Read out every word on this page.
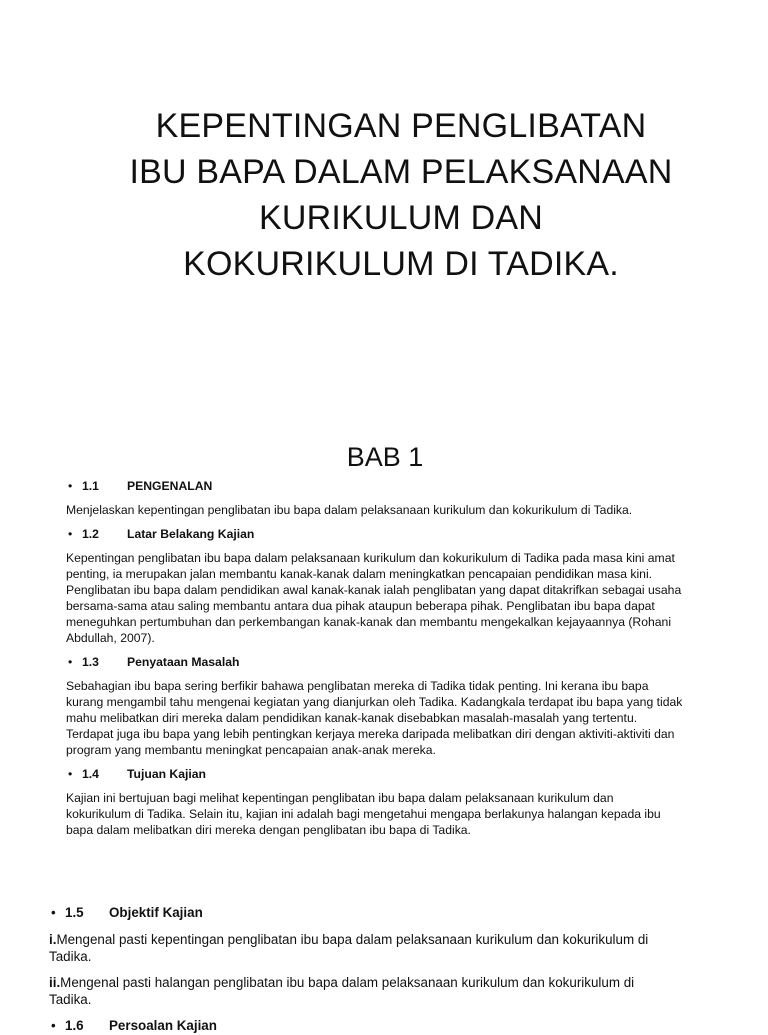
KEPENTINGAN PENGLIBATAN
IBU BAPA DALAM PELAKSANAAN
KURIKULUM DAN
KOKURIKULUM DI TADIKA.
BAB 1
• 1.1 PENGENALAN
Menjelaskan kepentingan penglibatan ibu bapa dalam pelaksanaan kurikulum dan kokurikulum di Tadika.
• 1.2 Latar Belakang Kajian
Kepentingan penglibatan ibu bapa dalam pelaksanaan kurikulum dan kokurikulum di Tadika pada masa kini amat
penting, ia merupakan jalan membantu kanak-kanak dalam meningkatkan pencapaian pendidikan masa kini.
Penglibatan ibu bapa dalam pendidikan awal kanak-kanak ialah penglibatan yang dapat ditakrifkan sebagai usaha
bersama-sama atau saling membantu antara dua pihak ataupun beberapa pihak. Penglibatan ibu bapa dapat
meneguhkan pertumbuhan dan perkembangan kanak-kanak dan membantu mengekalkan kejayaannya (Rohani
Abdullah, 2007).
• 1.3 Penyataan Masalah
Sebahagian ibu bapa sering berfikir bahawa penglibatan mereka di Tadika tidak penting. Ini kerana ibu bapa
kurang mengambil tahu mengenai kegiatan yang dianjurkan oleh Tadika. Kadangkala terdapat ibu bapa yang tidak
mahu melibatkan diri mereka dalam pendidikan kanak-kanak disebabkan masalah-masalah yang tertentu.
Terdapat juga ibu bapa yang lebih pentingkan kerjaya mereka daripada melibatkan diri dengan aktiviti-aktiviti dan
program yang membantu meningkat pencapaian anak-anak mereka.
• 1.4 Tujuan Kajian
Kajian ini bertujuan bagi melihat kepentingan penglibatan ibu bapa dalam pelaksanaan kurikulum dan
kokurikulum di Tadika. Selain itu, kajian ini adalah bagi mengetahui mengapa berlakunya halangan kepada ibu
bapa dalam melibatkan diri mereka dengan penglibatan ibu bapa di Tadika.
• 1.5 Objektif Kajian
i.Mengenal pasti kepentingan penglibatan ibu bapa dalam pelaksanaan kurikulum dan kokurikulum di
Tadika.
ii.Mengenal pasti halangan penglibatan ibu bapa dalam pelaksanaan kurikulum dan kokurikulum di
Tadika.
• 1.6 Persoalan Kajian
